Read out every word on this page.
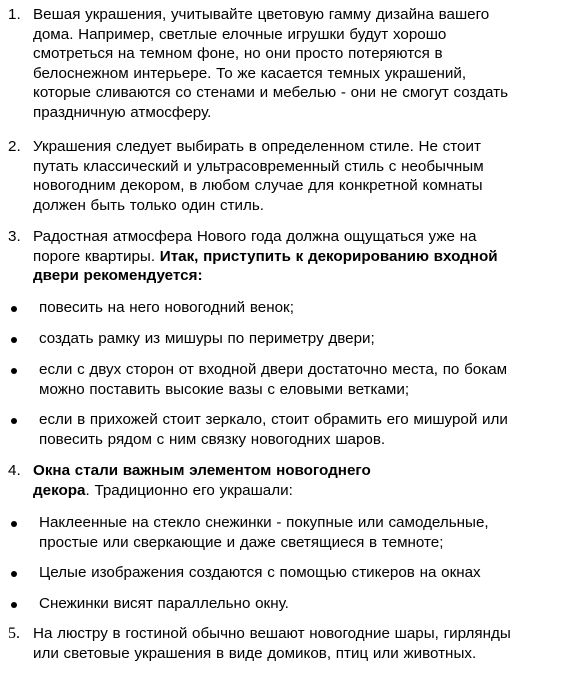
1. Вешая украшения, учитывайте цветовую гамму дизайна вашего
дома. Например, светлые елочные игрушки будут хорошо
смотреться на темном фоне, но они просто потеряются в
белоснежном интерьере. То же касается темных украшений,
которые сливаются со стенами и мебелью - они не смогут создать
праздничную атмосферу.
2. Украшения следует выбирать в определенном стиле. Не стоит
путать классический и ультрасовременный стиль с необычным
новогодним декором, в любом случае для конкретной комнаты
должен быть только один стиль.
3. Радостная атмосфера Нового года должна ощущаться уже на
пороге квартиры. Итак, приступить к декорированию входной
двери рекомендуется:
повесить на него новогодний венок;
создать рамку из мишуры по периметру двери;
если с двух сторон от входной двери достаточно места, по бокам
можно поставить высокие вазы с еловыми ветками;
если в прихожей стоит зеркало, стоит обрамить его мишурой или
повесить рядом с ним связку новогодних шаров.
4. Окна стали важным элементом новогоднего
декора. Традиционно его украшали:
Наклеенные на стекло снежинки - покупные или самодельные,
простые или сверкающие и даже светящиеся в темноте;
Целые изображения создаются с помощью стикеров на окнах
Снежинки висят параллельно окну.
5. На люстру в гостиной обычно вешают новогодние шары, гирлянды
или световые украшения в виде домиков, птиц или животных.
